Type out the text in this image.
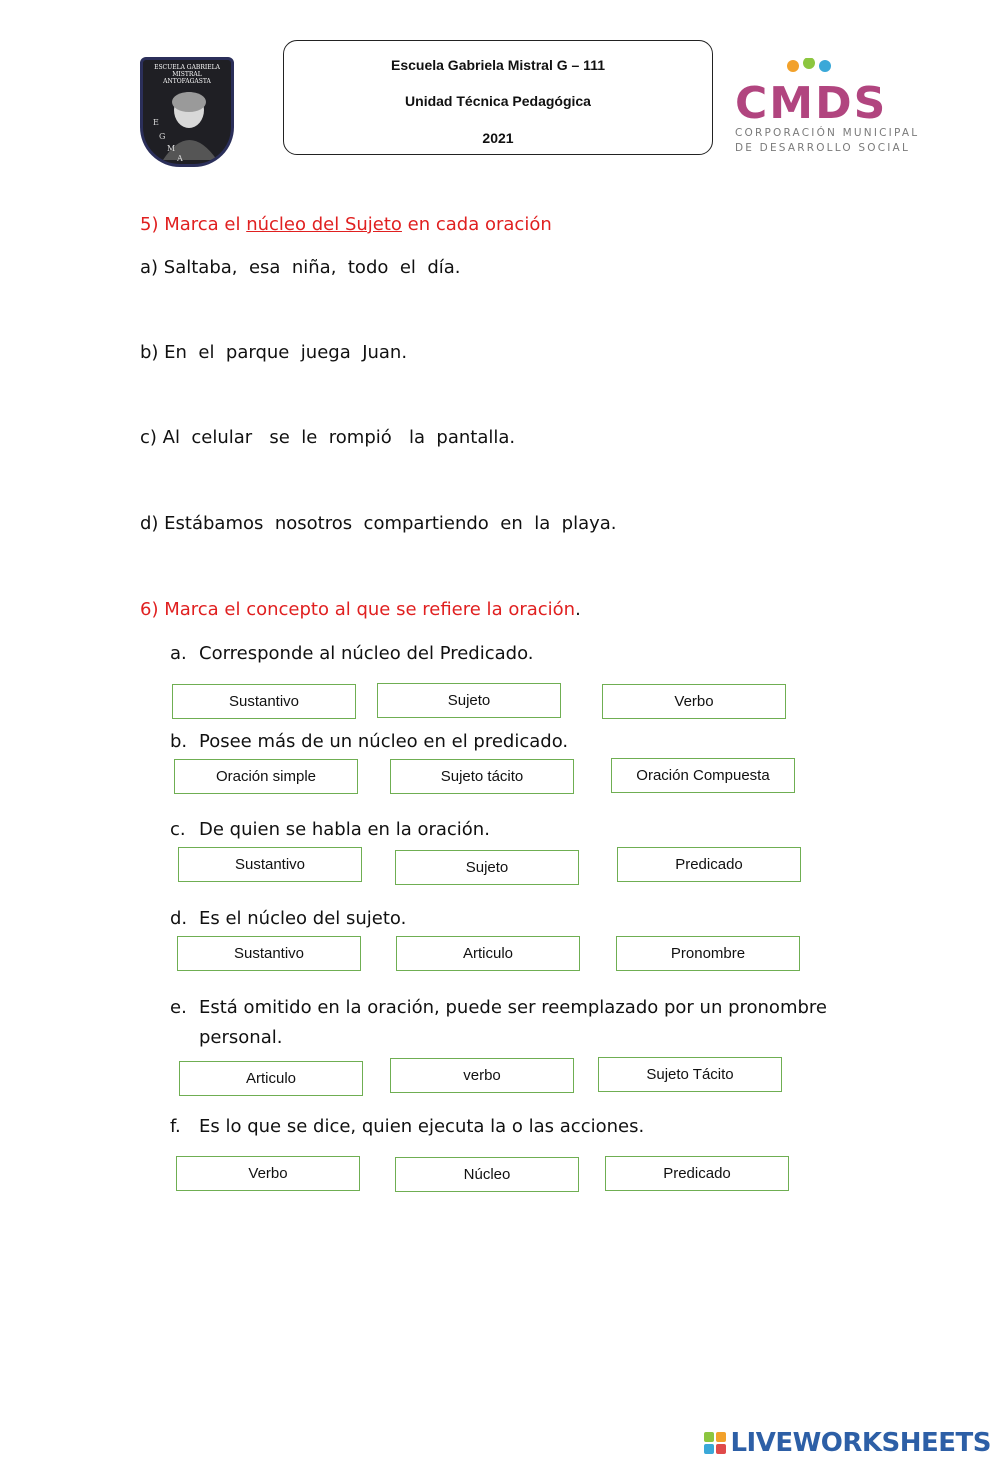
ESCUELA GABRIELA MISTRAL
ANTOFAGASTA
E
G
M
A
Escuela Gabriela Mistral G – 111
Unidad Técnica Pedagógica
2021
CMDS
CORPORACIÓN MUNICIPAL
DE DESARROLLO SOCIAL
5) Marca el núcleo del Sujeto en cada oración
a) Saltaba,  esa  niña,  todo  el  día.
b) En  el  parque  juega  Juan.
c) Al  celular   se  le  rompió   la  pantalla.
d) Estábamos  nosotros  compartiendo  en  la  playa.
6) Marca el concepto al que se refiere la oración.
a. Corresponde al núcleo del Predicado.
Sustantivo	Sujeto	Verbo
b. Posee más de un núcleo en el predicado.
Oración simple	Sujeto tácito	Oración Compuesta
c. De quien se habla en la oración.
Sustantivo	Sujeto	Predicado
d. Es el núcleo del sujeto.
Sustantivo	Articulo	Pronombre
e. Está omitido en la oración, puede ser reemplazado por un pronombre
personal.
Articulo	verbo	Sujeto Tácito
f. Es lo que se dice, quien ejecuta la o las acciones.
Verbo	Núcleo	Predicado
LIVEWORKSHEETS
